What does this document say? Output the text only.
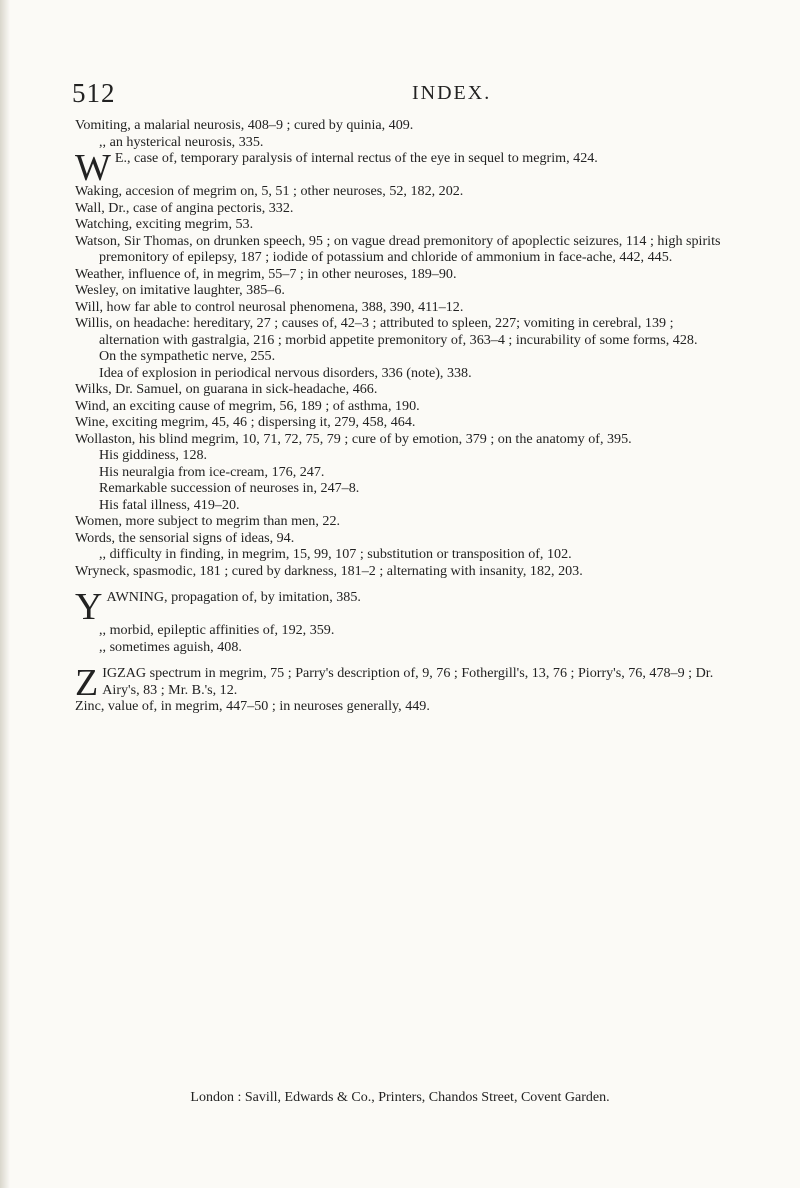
512	INDEX.

Vomiting, a malarial neurosis, 408–9 ; cured by quinia, 409.

,, an hysterical neurosis, 335.

W E., case of, temporary paralysis of internal rectus of the eye in sequel to megrim, 424.

Waking, accesion of megrim on, 5, 51 ; other neuroses, 52, 182, 202.

Wall, Dr., case of angina pectoris, 332.

Watching, exciting megrim, 53.

Watson, Sir Thomas, on drunken speech, 95 ; on vague dread premonitory of apoplectic seizures, 114 ; high spirits premonitory of epilepsy, 187 ; iodide of potassium and chloride of ammonium in face-ache, 442, 445.

Weather, influence of, in megrim, 55–7 ; in other neuroses, 189–90.

Wesley, on imitative laughter, 385–6.

Will, how far able to control neurosal phenomena, 388, 390, 411–12.

Willis, on headache: hereditary, 27 ; causes of, 42–3 ; attributed to spleen, 227; vomiting in cerebral, 139 ; alternation with gastralgia, 216 ; morbid appetite premonitory of, 363–4 ; incurability of some forms, 428.

On the sympathetic nerve, 255.

Idea of explosion in periodical nervous disorders, 336 (note), 338.

Wilks, Dr. Samuel, on guarana in sick-headache, 466.

Wind, an exciting cause of megrim, 56, 189 ; of asthma, 190.

Wine, exciting megrim, 45, 46 ; dispersing it, 279, 458, 464.

Wollaston, his blind megrim, 10, 71, 72, 75, 79 ; cure of by emotion, 379 ; on the anatomy of, 395.

His giddiness, 128.

His neuralgia from ice-cream, 176, 247.

Remarkable succession of neuroses in, 247–8.

His fatal illness, 419–20.

Women, more subject to megrim than men, 22.

Words, the sensorial signs of ideas, 94.

,, difficulty in finding, in megrim, 15, 99, 107 ; substitution or transposition of, 102.

Wryneck, spasmodic, 181 ; cured by darkness, 181–2 ; alternating with insanity, 182, 203.

YAWNING, propagation of, by imitation, 385.

,, morbid, epileptic affinities of, 192, 359.

,, sometimes aguish, 408.

ZIGZAG spectrum in megrim, 75 ; Parry's description of, 9, 76 ; Fothergill's, 13, 76 ; Piorry's, 76, 478–9 ; Dr. Airy's, 83 ; Mr. B.'s, 12.

Zinc, value of, in megrim, 447–50 ; in neuroses generally, 449.

London : Savill, Edwards & Co., Printers, Chandos Street, Covent Garden.
